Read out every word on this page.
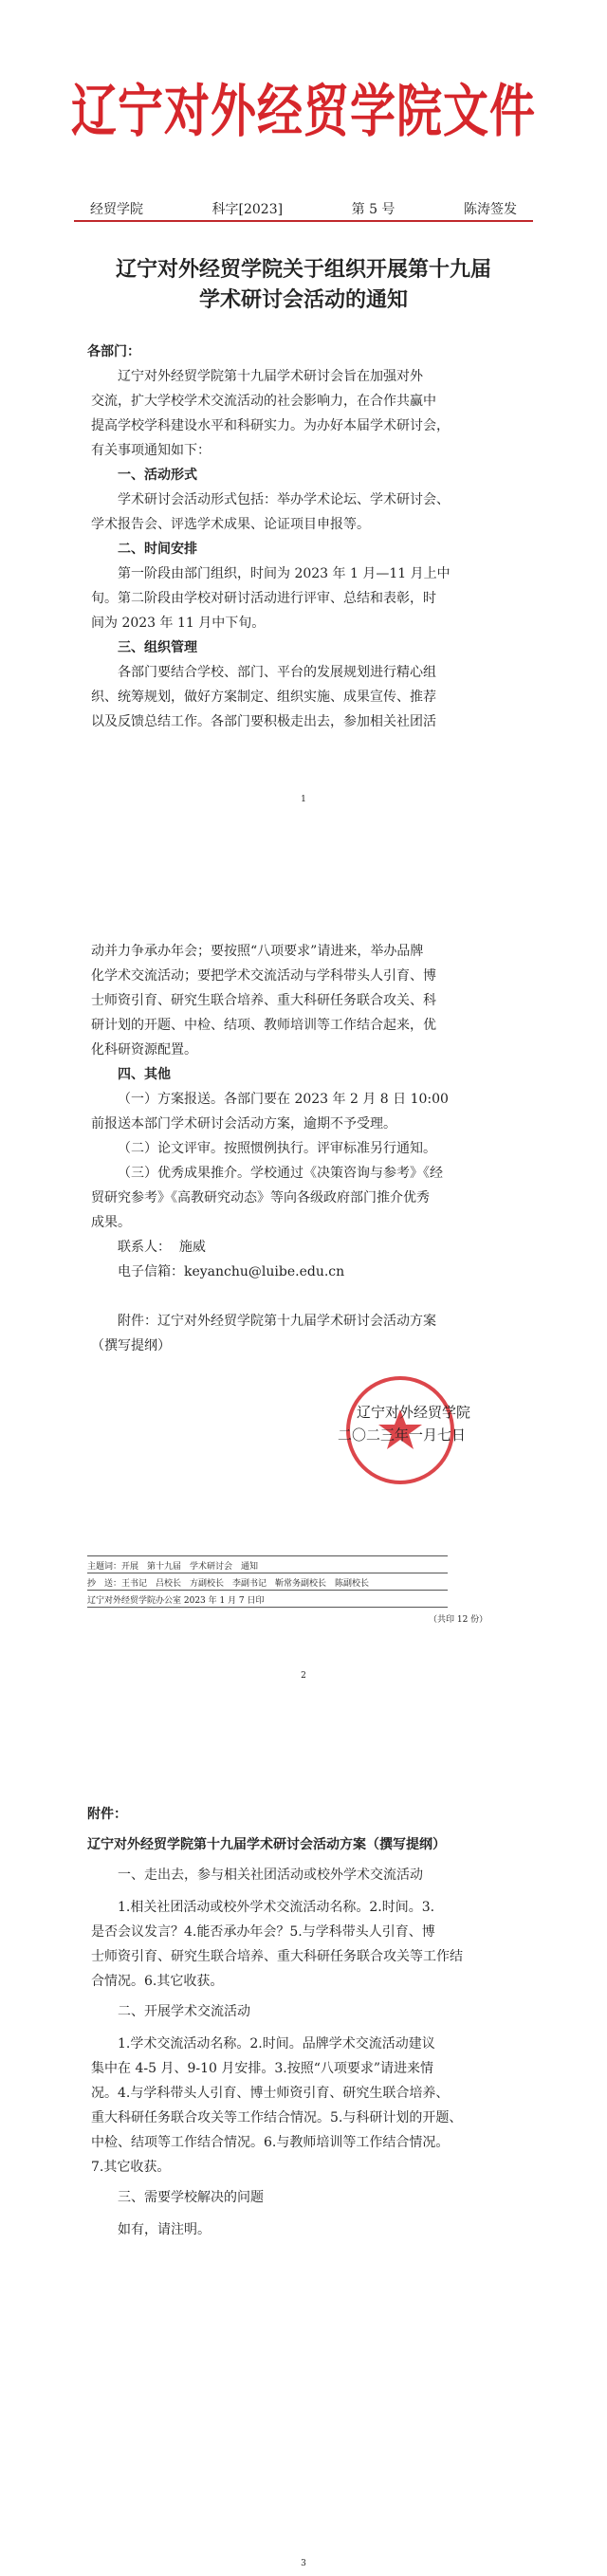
辽宁对外经贸学院文件
经贸学院	科字[2023]	第 5 号	陈涛签发
辽宁对外经贸学院关于组织开展第十九届
学术研讨会活动的通知
各部门：
辽宁对外经贸学院第十九届学术研讨会旨在加强对外
交流，扩大学校学术交流活动的社会影响力，在合作共赢中
提高学校学科建设水平和科研实力。为办好本届学术研讨会，
有关事项通知如下：
一、活动形式
学术研讨会活动形式包括：举办学术论坛、学术研讨会、
学术报告会、评选学术成果、论证项目申报等。
二、时间安排
第一阶段由部门组织，时间为 2023 年 1 月—11 月上中
旬。第二阶段由学校对研讨活动进行评审、总结和表彰，时
间为 2023 年 11 月中下旬。
三、组织管理
各部门要结合学校、部门、平台的发展规划进行精心组
织、统筹规划，做好方案制定、组织实施、成果宣传、推荐
以及反馈总结工作。各部门要积极走出去，参加相关社团活
1
动并力争承办年会；要按照“八项要求”请进来，举办品牌
化学术交流活动；要把学术交流活动与学科带头人引育、博
士师资引育、研究生联合培养、重大科研任务联合攻关、科
研计划的开题、中检、结项、教师培训等工作结合起来，优
化科研资源配置。
四、其他
（一）方案报送。各部门要在 2023 年 2 月 8 日 10:00
前报送本部门学术研讨会活动方案，逾期不予受理。
（二）论文评审。按照惯例执行。评审标准另行通知。
（三）优秀成果推介。学校通过《决策咨询与参考》《经
贸研究参考》《高教研究动态》等向各级政府部门推介优秀
成果。
联系人： 施威
电子信箱：keyanchu@luibe.edu.cn
附件：辽宁对外经贸学院第十九届学术研讨会活动方案
（撰写提纲）
辽宁对外经贸学院
二〇二三年一月七日
主题词：开展　第十九届　学术研讨会　通知
抄　送：王书记　吕校长　方副校长　李副书记　靳常务副校长　陈副校长
辽宁对外经贸学院办公室 2023 年 1 月 7 日印
（共印 12 份）
2
附件：
辽宁对外经贸学院第十九届学术研讨会活动方案（撰写提纲）
一、走出去，参与相关社团活动或校外学术交流活动
1.相关社团活动或校外学术交流活动名称。2.时间。3.
是否会议发言？4.能否承办年会？5.与学科带头人引育、博
士师资引育、研究生联合培养、重大科研任务联合攻关等工作结
合情况。6.其它收获。
二、开展学术交流活动
1.学术交流活动名称。2.时间。品牌学术交流活动建议
集中在 4-5 月、9-10 月安排。3.按照“八项要求”请进来情
况。4.与学科带头人引育、博士师资引育、研究生联合培养、
重大科研任务联合攻关等工作结合情况。5.与科研计划的开题、
中检、结项等工作结合情况。6.与教师培训等工作结合情况。
7.其它收获。
三、需要学校解决的问题
如有，请注明。
3
